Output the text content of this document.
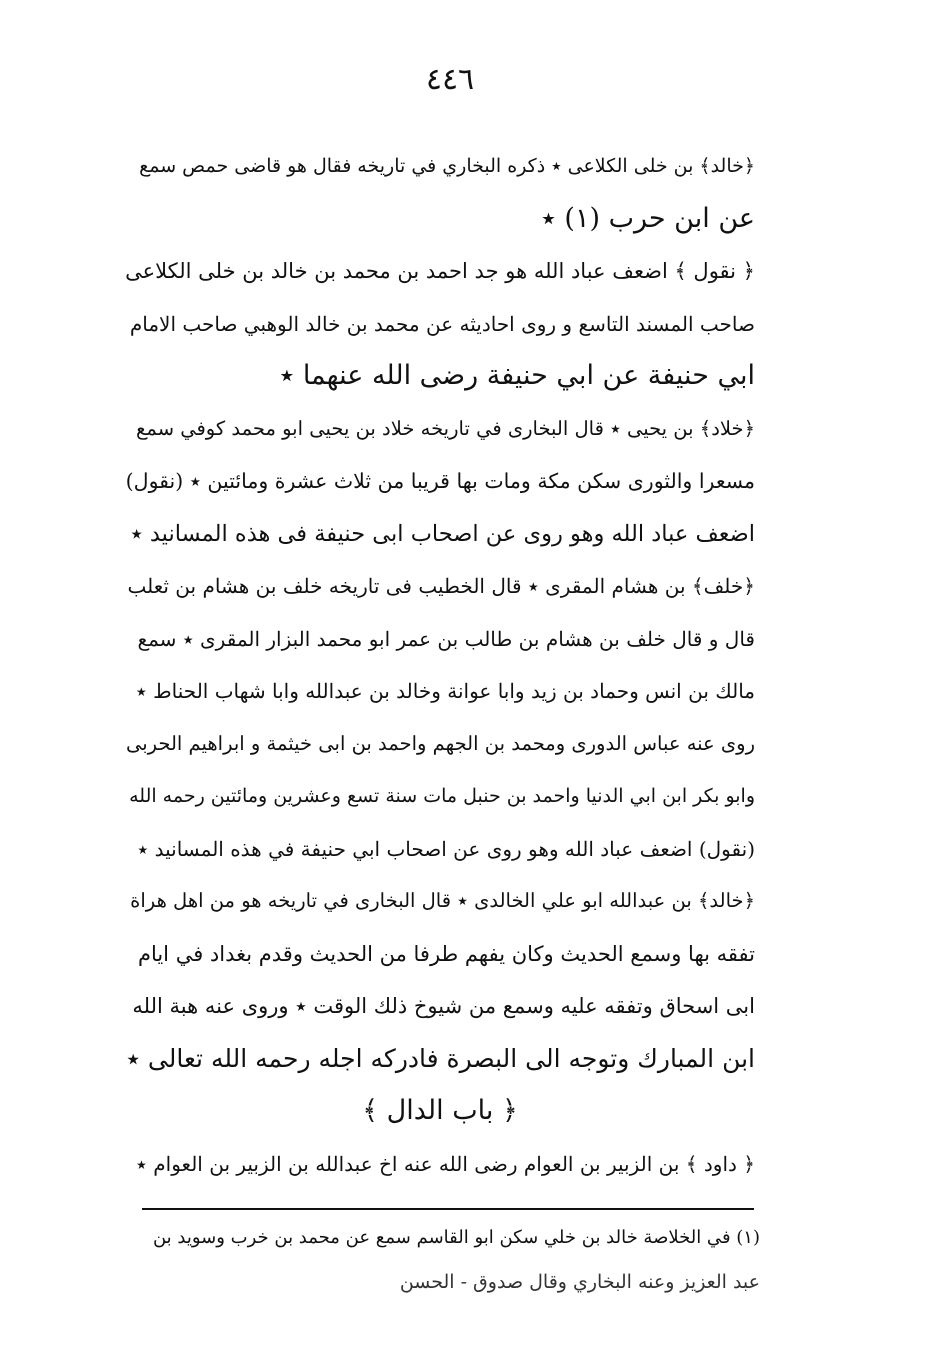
٤٤٦
﴿خالد﴾ بن خلى الكلاعى ٭ ذكره البخاري في تاريخه فقال هو قاضى حمص سمع
عن ابن حرب (١) ٭
﴿ نقول ﴾ اضعف عباد الله هو جد احمد بن محمد بن خالد بن خلى الكلاعى
صاحب المسند التاسع و روى احاديثه عن محمد بن خالد الوهبي صاحب الامام
ابي حنيفة عن ابي حنيفة رضى الله عنهما ٭
﴿خلاد﴾ بن يحيى ٭ قال البخارى في تاريخه خلاد بن يحيى ابو محمد كوفي سمع
مسعرا والثورى سكن مكة ومات بها قريبا من ثلاث عشرة ومائتين ٭ (نقول)
اضعف عباد الله وهو روى عن اصحاب ابى حنيفة فى هذه المسانيد ٭
﴿خلف﴾ بن هشام المقرى ٭ قال الخطيب فى تاريخه خلف بن هشام بن ثعلب
قال و قال خلف بن هشام بن طالب بن عمر ابو محمد البزار المقرى ٭ سمع
مالك بن انس وحماد بن زيد وابا عوانة وخالد بن عبدالله وابا شهاب الحناط ٭
روى عنه عباس الدورى ومحمد بن الجهم واحمد بن ابى خيثمة و ابراهيم الحربى
وابو بكر ابن ابي الدنيا واحمد بن حنبل مات سنة تسع وعشرين ومائتين رحمه الله
(نقول) اضعف عباد الله وهو روى عن اصحاب ابي حنيفة في هذه المسانيد ٭
﴿خالد﴾ بن عبدالله ابو علي الخالدى ٭ قال البخارى في تاريخه هو من اهل هراة
تفقه بها وسمع الحديث وكان يفهم طرفا من الحديث وقدم بغداد في ايام
ابى اسحاق وتفقه عليه وسمع من شيوخ ذلك الوقت ٭ وروى عنه هبة الله
ابن المبارك وتوجه الى البصرة فادركه اجله رحمه الله تعالى ٭
﴿ باب الدال ﴾
﴿ داود ﴾ بن الزبير بن العوام رضى الله عنه اخ عبدالله بن الزبير بن العوام ٭
(١) في الخلاصة خالد بن خلي سكن ابو القاسم سمع عن محمد بن خرب وسويد بن
عبد العزيز وعنه البخاري وقال صدوق - الحسن
